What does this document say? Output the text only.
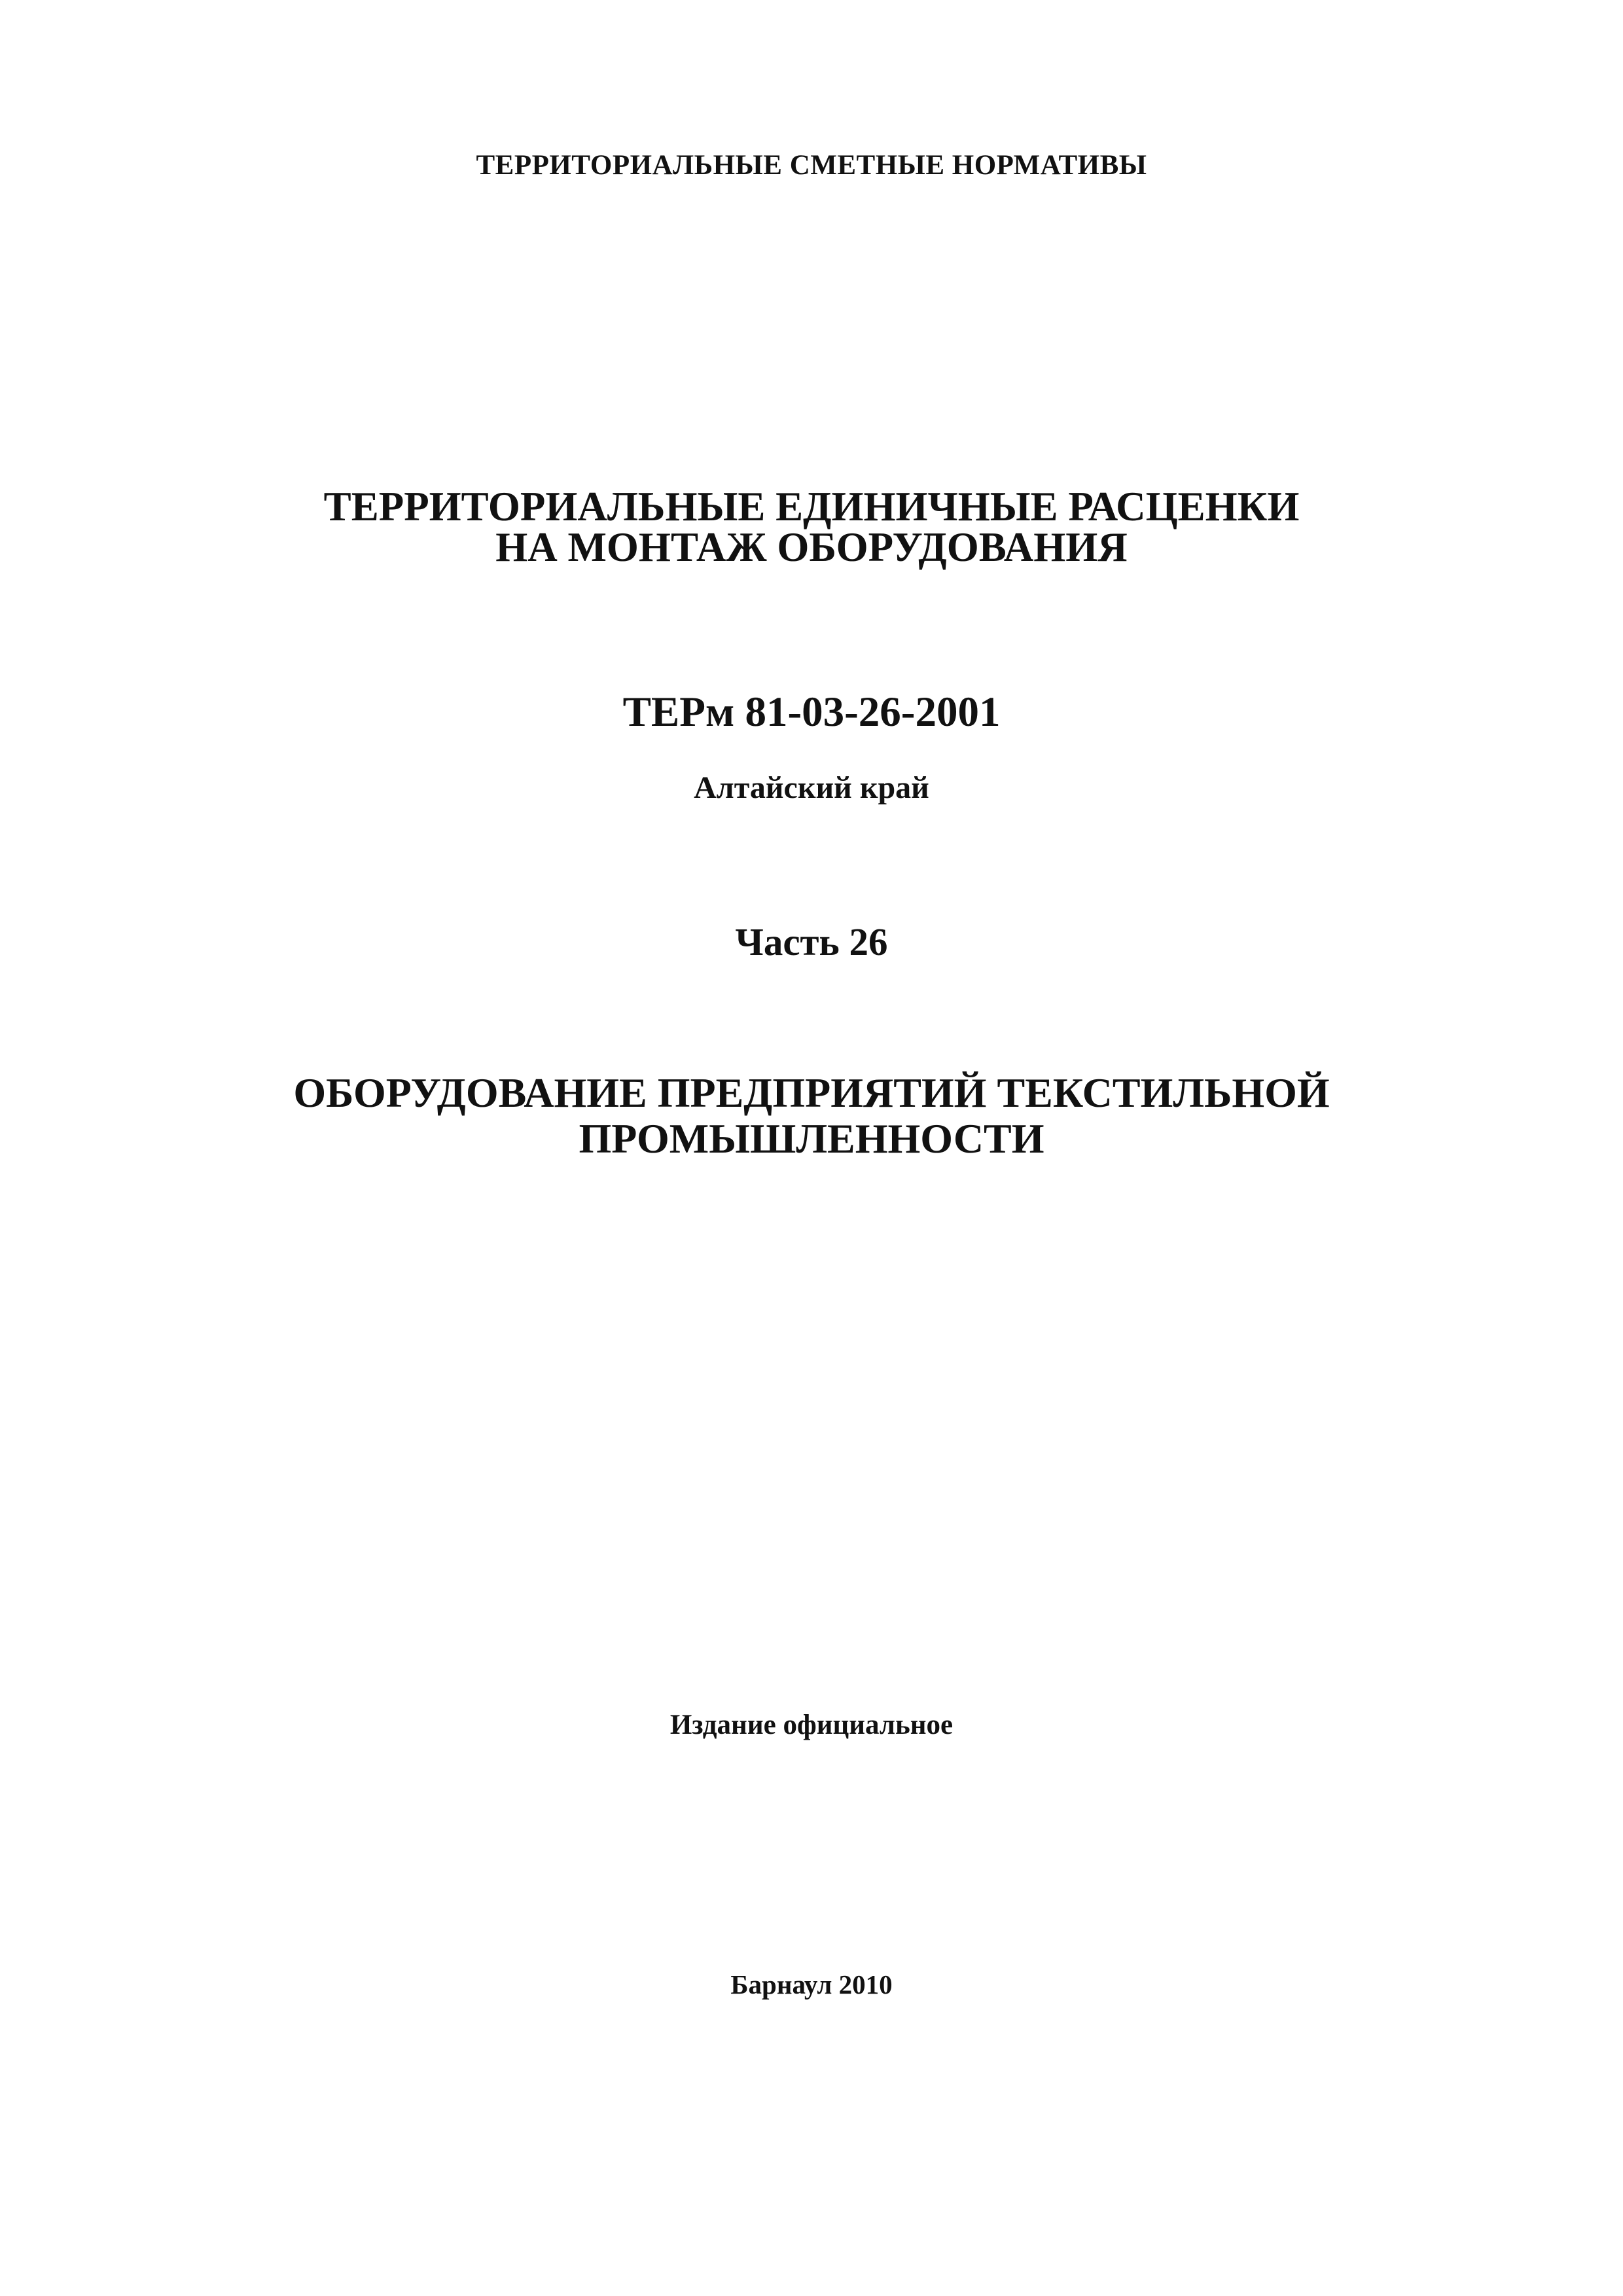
ТЕРРИТОРИАЛЬНЫЕ СМЕТНЫЕ НОРМАТИВЫ
ТЕРРИТОРИАЛЬНЫЕ ЕДИНИЧНЫЕ РАСЦЕНКИ
НА МОНТАЖ ОБОРУДОВАНИЯ
ТЕРм 81-03-26-2001
Алтайский край
Часть 26
ОБОРУДОВАНИЕ ПРЕДПРИЯТИЙ ТЕКСТИЛЬНОЙ
ПРОМЫШЛЕННОСТИ
Издание официальное
Барнаул 2010
